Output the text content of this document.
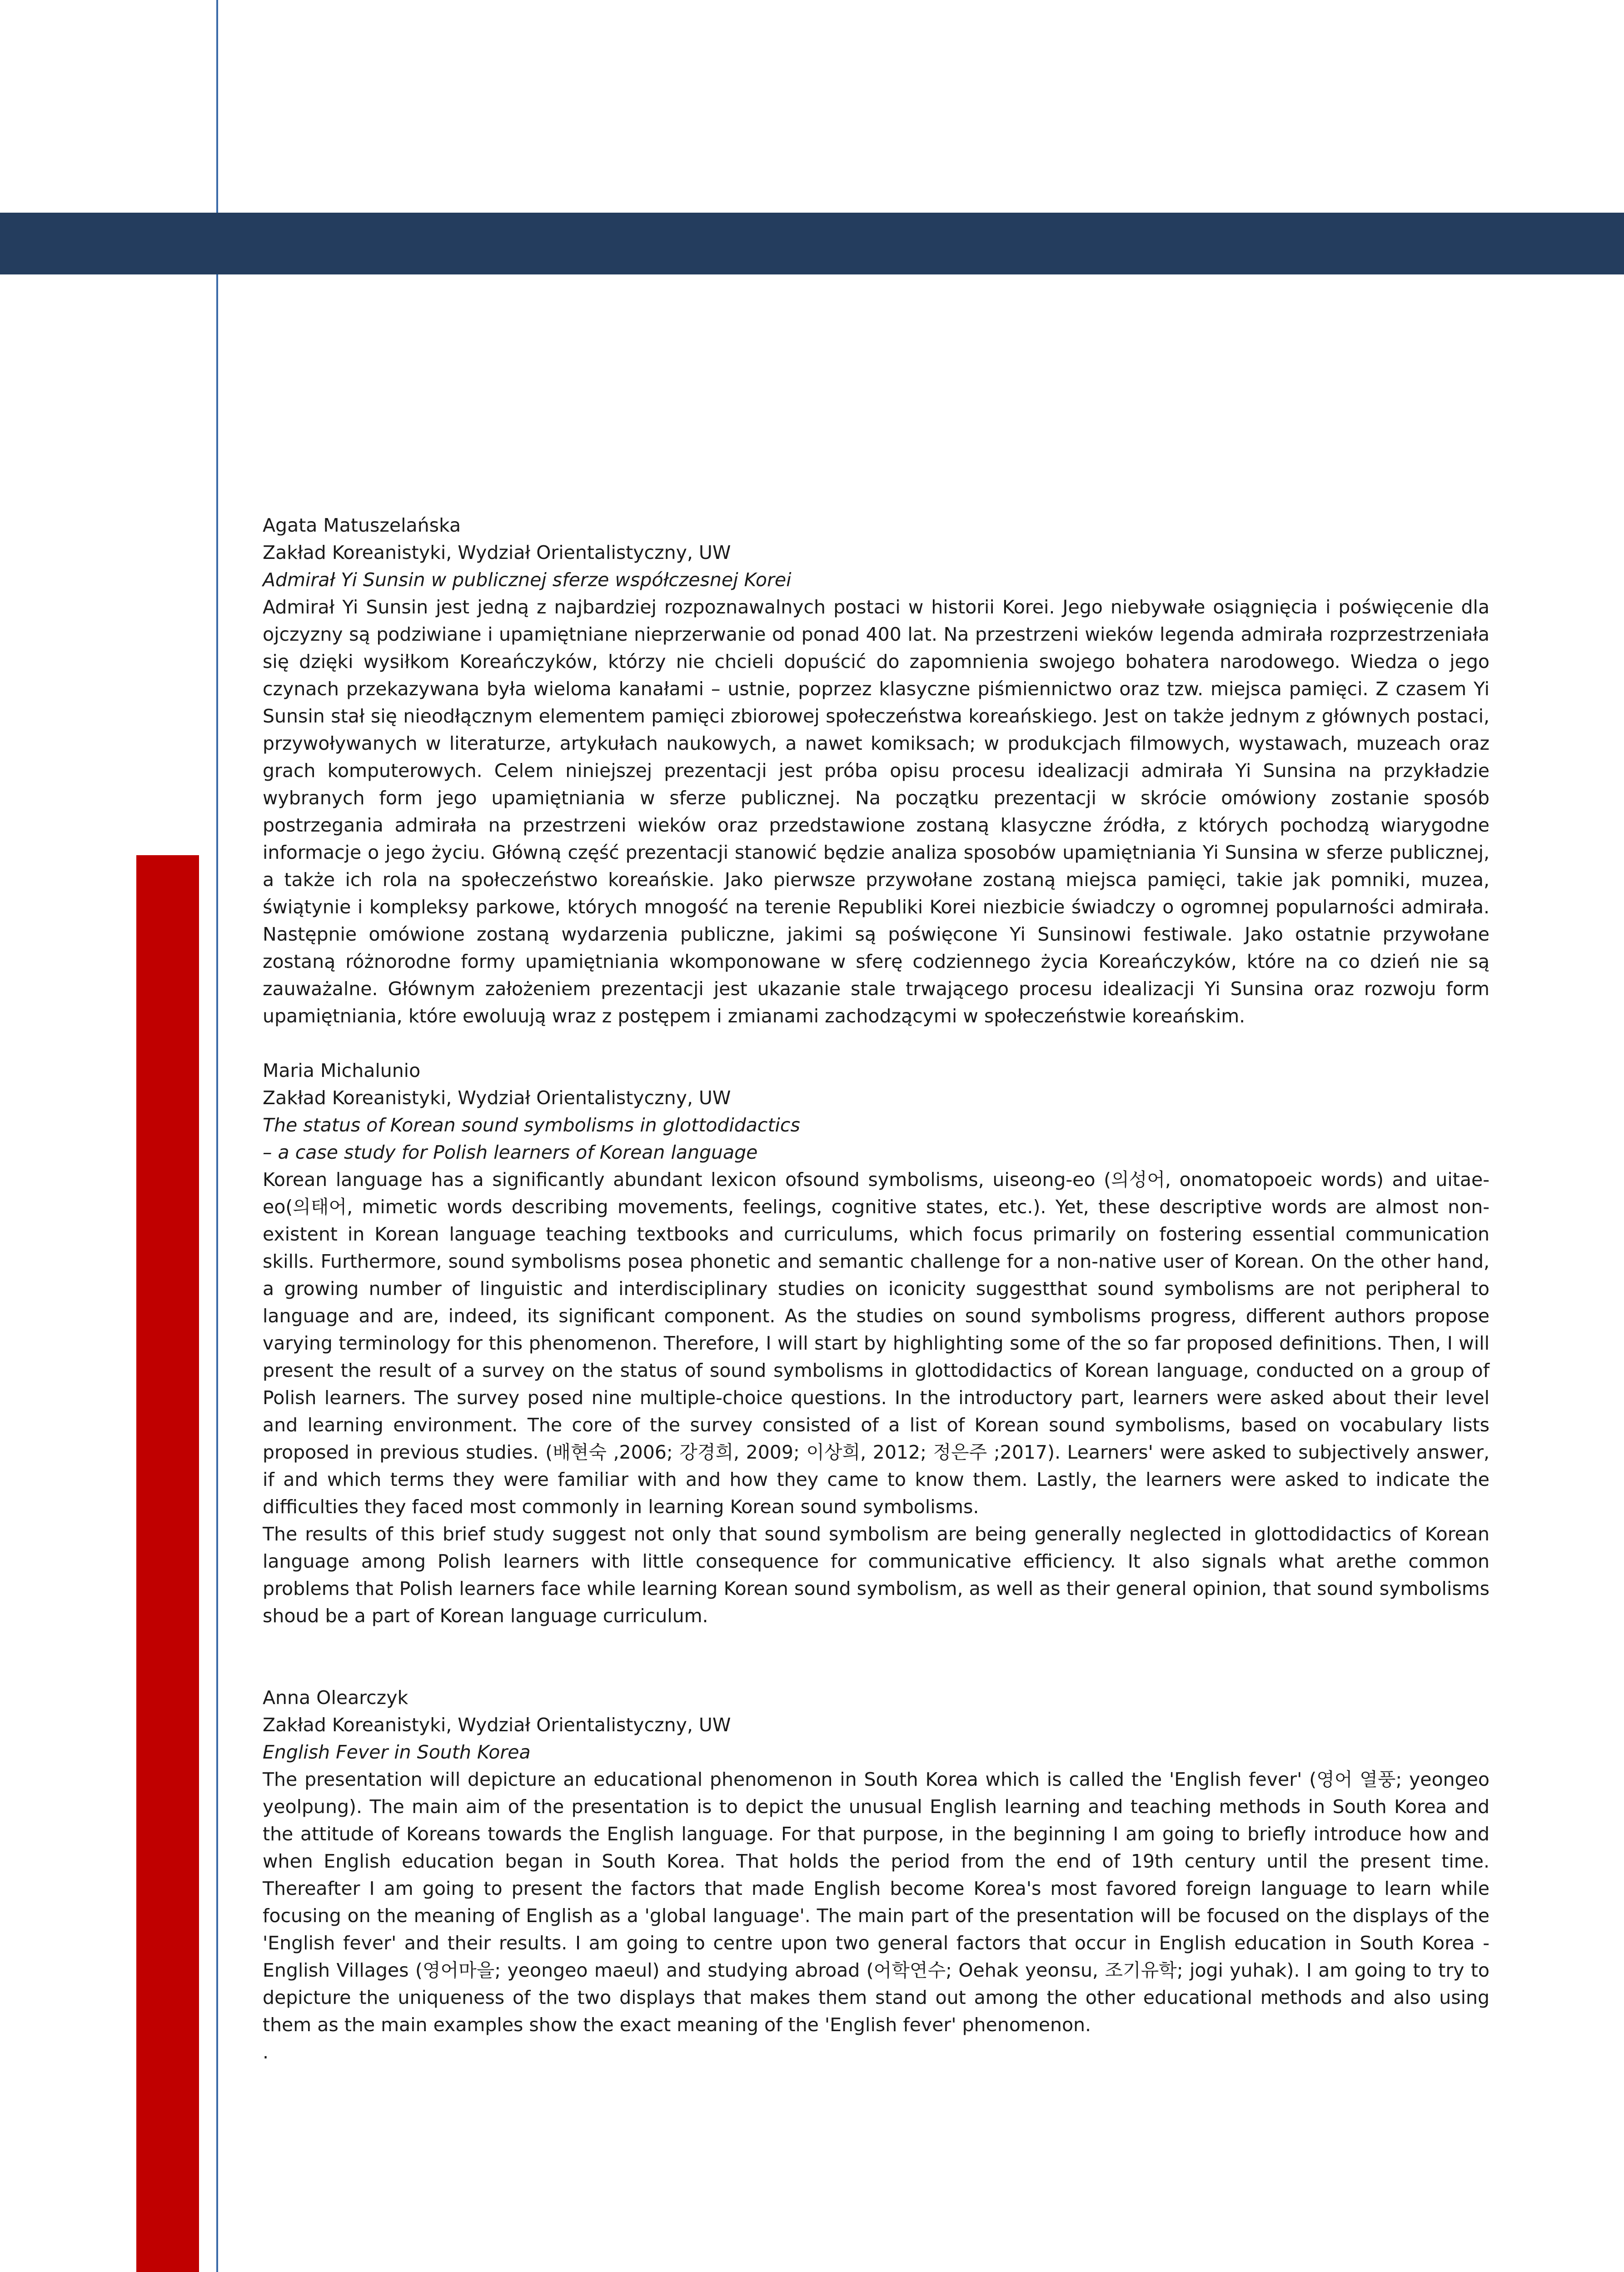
Agata Matuszelańska

Zakład Koreanistyki, Wydział Orientalistyczny, UW

Admirał Yi Sunsin w publicznej sferze współczesnej Korei

Admirał Yi Sunsin jest jedną z najbardziej rozpoznawalnych postaci w historii Korei. Jego niebywałe osiągnięcia i poświęcenie dla ojczyzny są podziwiane i upamiętniane nieprzerwanie od ponad 400 lat. Na przestrzeni wieków legenda admirała rozprzestrzeniała się dzięki wysiłkom Koreańczyków, którzy nie chcieli dopuścić do zapomnienia swojego bohatera narodowego. Wiedza o jego czynach przekazywana była wieloma kanałami – ustnie, poprzez klasyczne piśmiennictwo oraz tzw. miejsca pamięci. Z czasem Yi Sunsin stał się nieodłącznym elementem pamięci zbiorowej społeczeństwa koreańskiego. Jest on także jednym z głównych postaci, przywoływanych w literaturze, artykułach naukowych, a nawet komiksach; w produkcjach filmowych, wystawach, muzeach oraz grach komputerowych. Celem niniejszej prezentacji jest próba opisu procesu idealizacji admirała Yi Sunsina na przykładzie wybranych form jego upamiętniania w sferze publicznej. Na początku prezentacji w skrócie omówiony zostanie sposób postrzegania admirała na przestrzeni wieków oraz przedstawione zostaną klasyczne źródła, z których pochodzą wiarygodne informacje o jego życiu. Główną część prezentacji stanowić będzie analiza sposobów upamiętniania Yi Sunsina w sferze publicznej, a także ich rola na społeczeństwo koreańskie. Jako pierwsze przywołane zostaną miejsca pamięci, takie jak pomniki, muzea, świątynie i kompleksy parkowe, których mnogość na terenie Republiki Korei niezbicie świadczy o ogromnej popularności admirała. Następnie omówione zostaną wydarzenia publiczne, jakimi są poświęcone Yi Sunsinowi festiwale. Jako ostatnie przywołane zostaną różnorodne formy upamiętniania wkomponowane w sferę codziennego życia Koreańczyków, które na co dzień nie są zauważalne. Głównym założeniem prezentacji jest ukazanie stale trwającego procesu idealizacji Yi Sunsina oraz rozwoju form upamiętniania, które ewoluują wraz z postępem i zmianami zachodzącymi w społeczeństwie koreańskim.

Maria Michalunio

Zakład Koreanistyki, Wydział Orientalistyczny, UW

The status of Korean sound symbolisms in glottodidactics

– a case study for Polish learners of Korean language

Korean language has a significantly abundant lexicon ofsound symbolisms, uiseong-eo (의성어, onomatopoeic words) and uitae-eo(의태어, mimetic words describing movements, feelings, cognitive states, etc.). Yet, these descriptive words are almost non-existent in Korean language teaching textbooks and curriculums, which focus primarily on fostering essential communication skills. Furthermore, sound symbolisms posea phonetic and semantic challenge for a non-native user of Korean. On the other hand, a growing number of linguistic and interdisciplinary studies on iconicity suggestthat sound symbolisms are not peripheral to language and are, indeed, its significant component. As the studies on sound symbolisms progress, different authors propose varying terminology for this phenomenon. Therefore, I will start by highlighting some of the so far proposed definitions. Then, I will present the result of a survey on the status of sound symbolisms in glottodidactics of Korean language, conducted on a group of Polish learners. The survey posed nine multiple-choice questions. In the introductory part, learners were asked about their level and learning environment. The core of the survey consisted of a list of Korean sound symbolisms, based on vocabulary lists proposed in previous studies. (배현숙 ,2006; 강경희, 2009; 이상희, 2012; 정은주 ;2017). Learners' were asked to subjectively answer, if and which terms they were familiar with and how they came to know them. Lastly, the learners were asked to indicate the difficulties they faced most commonly in learning Korean sound symbolisms.

The results of this brief study suggest not only that sound symbolism are being generally neglected in glottodidactics of Korean language among Polish learners with little consequence for communicative efficiency. It also signals what arethe common problems that Polish learners face while learning Korean sound symbolism, as well as their general opinion, that sound symbolisms shoud be a part of Korean language curriculum.

Anna Olearczyk

Zakład Koreanistyki, Wydział Orientalistyczny, UW

English Fever in South Korea

The presentation will depicture an educational phenomenon in South Korea which is called the 'English fever' (영어 열풍; yeongeo yeolpung). The main aim of the presentation is to depict the unusual English learning and teaching methods in South Korea and the attitude of Koreans towards the English language. For that purpose, in the beginning I am going to briefly introduce how and when English education began in South Korea. That holds the period from the end of 19th century until the present time. Thereafter I am going to present the factors that made English become Korea's most favored foreign language to learn while focusing on the meaning of English as a 'global language'. The main part of the presentation will be focused on the displays of the 'English fever' and their results. I am going to centre upon two general factors that occur in English education in South Korea - English Villages (영어마을; yeongeo maeul) and studying abroad (어학연수; Oehak yeonsu, 조기유학; jogi yuhak). I am going to try to depicture the uniqueness of the two displays that makes them stand out among the other educational methods and also using them as the main examples show the exact meaning of the 'English fever' phenomenon.

.
